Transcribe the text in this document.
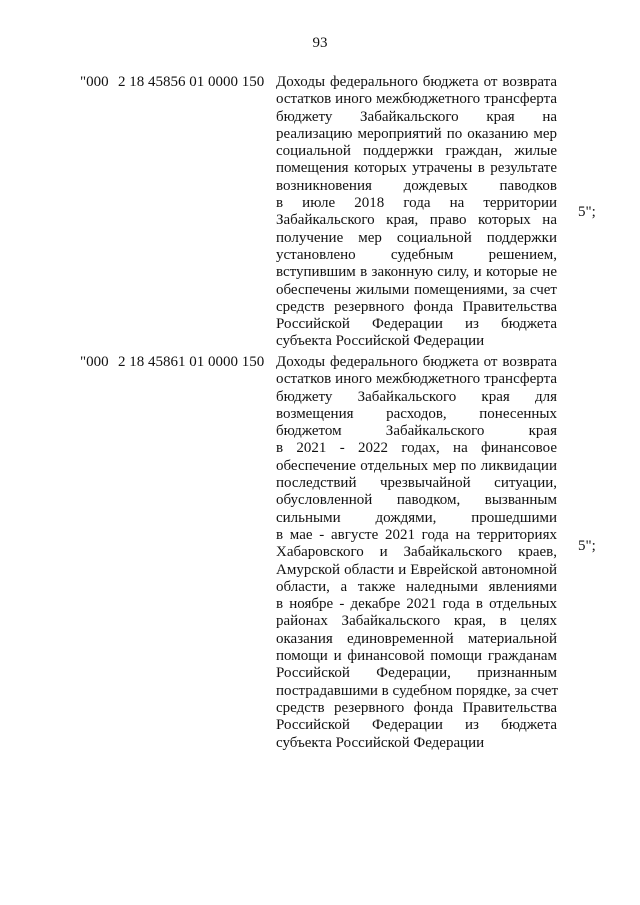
93
"000 2 18 45856 01 0000 150 Доходы федерального бюджета от возврата
остатков иного межбюджетного трансферта
бюджету Забайкальского края на
реализацию мероприятий по оказанию мер
социальной поддержки граждан, жилые
помещения которых утрачены в результате
возникновения дождевых паводков
в июле 2018 года на территории
Забайкальского края, право которых на
получение мер социальной поддержки
установлено судебным решением,
вступившим в законную силу, и которые не
обеспечены жилыми помещениями, за счет
средств резервного фонда Правительства
Российской Федерации из бюджета
субъекта Российской Федерации
5";
"000 2 18 45861 01 0000 150 Доходы федерального бюджета от возврата
остатков иного межбюджетного трансферта
бюджету Забайкальского края для
возмещения расходов, понесенных
бюджетом Забайкальского края
в 2021 - 2022 годах, на финансовое
обеспечение отдельных мер по ликвидации
последствий чрезвычайной ситуации,
обусловленной паводком, вызванным
сильными дождями, прошедшими
в мае - августе 2021 года на территориях
Хабаровского и Забайкальского краев,
Амурской области и Еврейской автономной
области, а также наледными явлениями
в ноябре - декабре 2021 года в отдельных
районах Забайкальского края, в целях
оказания единовременной материальной
помощи и финансовой помощи гражданам
Российской Федерации, признанным
пострадавшими в судебном порядке, за счет
средств резервного фонда Правительства
Российской Федерации из бюджета
субъекта Российской Федерации
5";
